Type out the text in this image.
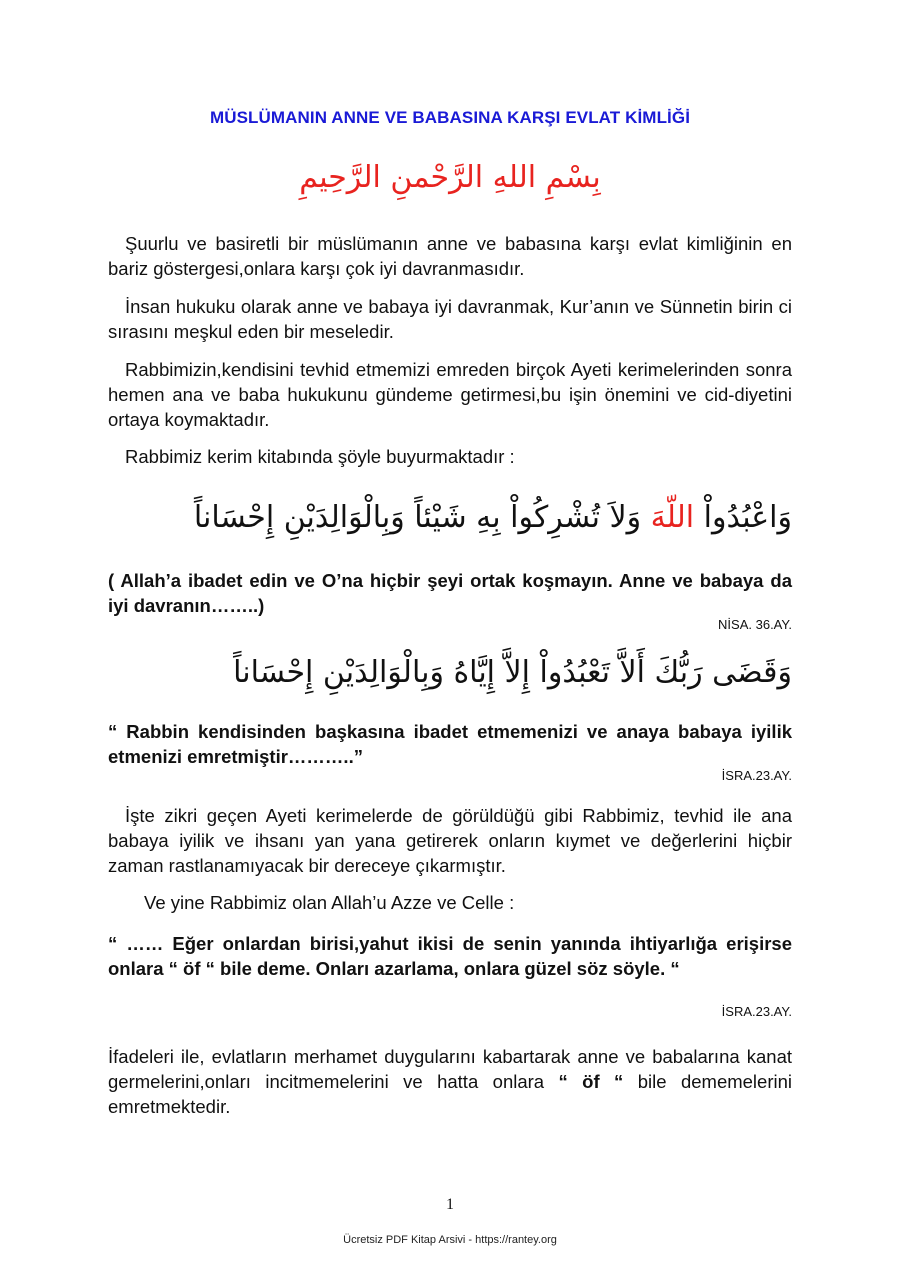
MÜSLÜMANIN ANNE VE BABASINA KARŞI EVLAT KİMLİĞİ
بِسْمِ اللهِ الرَّحْمنِ الرَّحِيمِ

Şuurlu ve basiretli bir müslümanın anne ve babasına karşı evlat kimliğinin en bariz göstergesi,onlara karşı çok iyi davranmasıdır.

İnsan hukuku olarak anne ve babaya iyi davranmak, Kur’anın ve Sünnetin birin ci sırasını meşkul eden bir meseledir.

Rabbimizin,kendisini tevhid etmemizi emreden birçok Ayeti kerimelerinden sonra hemen ana ve baba hukukunu gündeme getirmesi,bu işin önemini ve cid-diyetini ortaya koymaktadır.

Rabbimiz kerim kitabında şöyle buyurmaktadır :

وَاعْبُدُواْ اللّهَ وَلاَ تُشْرِكُواْ بِهِ شَيْئاً وَبِالْوَالِدَيْنِ إِحْسَاناً

( Allah’a ibadet edin ve O’na hiçbir şeyi ortak koşmayın. Anne ve babaya da iyi davranın……..)

NİSA. 36.AY.
وَقَضَى رَبُّكَ أَلاَّ تَعْبُدُواْ إِلاَّ إِيَّاهُ وَبِالْوَالِدَيْنِ إِحْسَاناً

“ Rabbin kendisinden başkasına ibadet etmemenizi ve anaya babaya iyilik etmenizi emretmiştir………..”

İSRA.23.AY.

İşte zikri geçen Ayeti kerimelerde de görüldüğü gibi Rabbimiz, tevhid ile ana babaya iyilik ve ihsanı yan yana getirerek onların kıymet ve değerlerini hiçbir zaman rastlanamıyacak bir dereceye çıkarmıştır.

Ve yine Rabbimiz olan Allah’u Azze ve Celle :

“ …… Eğer onlardan birisi,yahut ikisi de senin yanında ihtiyarlığa erişirse onlara “ öf “ bile deme. Onları azarlama, onlara güzel söz söyle. “

İSRA.23.AY.

İfadeleri ile, evlatların merhamet duygularını kabartarak anne ve babalarına kanat germelerini,onları incitmemelerini ve hatta onlara “ öf “ bile dememelerini emretmektedir.

1
Ücretsiz PDF Kitap Arsivi - https://rantey.org
